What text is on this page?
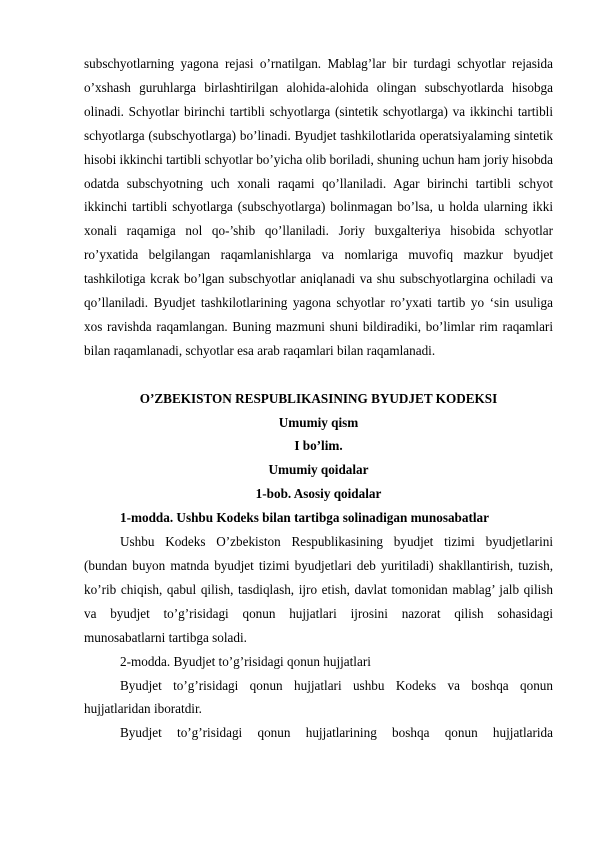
subschyotlarning yagona rejasi o’rnatilgan. Mablag’lar bir turdagi schyotlar rejasida o’xshash guruhlarga birlashtirilgan alohida-alohida olingan subschyotlarda hisobga olinadi. Schyotlar birinchi tartibli schyotlarga (sintetik schyotlarga) va ikkinchi tartibli schyotlarga (subschyotlarga) bo’linadi. Byudjet tashkilotlarida operatsiyalaming sintetik hisobi ikkinchi tartibli schyotlar bo’yicha olib boriladi, shuning uchun ham joriy hisobda odatda subschyotning uch xonali raqami qo’llaniladi. Agar birinchi tartibli schyot ikkinchi tartibli schyotlarga (subschyotlarga) bolinmagan bo’lsa, u holda ularning ikki xonali raqamiga nol qo-’shib qo’llaniladi. Joriy buxgalteriya hisobida schyotlar ro’yxatida belgilangan raqamlanishlarga va nomlariga muvofiq mazkur byudjet tashkilotiga kcrak bo’lgan subschyotlar aniqlanadi va shu subschyotlargina ochiladi va qo’llaniladi. Byudjet tashkilotlarining yagona schyotlar ro’yxati tartib yo ‘sin usuliga xos ravishda raqamlangan. Buning mazmuni shuni bildiradiki, bo’limlar rim raqamlari bilan raqamlanadi, schyotlar esa arab raqamlari bilan raqamlanadi.

O’ZBEKISTON RESPUBLIKASINING BYUDJET KODEKSI

Umumiy qism

I bo’lim.

Umumiy qoidalar

1-bob. Asosiy qoidalar

1-modda. Ushbu Kodeks bilan tartibga solinadigan munosabatlar

Ushbu Kodeks O’zbekiston Respublikasining byudjet tizimi byudjetlarini (bundan buyon matnda byudjet tizimi byudjetlari deb yuritiladi) shakllantirish, tuzish, ko’rib chiqish, qabul qilish, tasdiqlash, ijro etish, davlat tomonidan mablag’ jalb qilish va byudjet to’g’risidagi qonun hujjatlari ijrosini nazorat qilish sohasidagi munosabatlarni tartibga soladi.

2-modda. Byudjet to’g’risidagi qonun hujjatlari

Byudjet to’g’risidagi qonun hujjatlari ushbu Kodeks va boshqa qonun hujjatlaridan iboratdir.

Byudjet to’g’risidagi qonun hujjatlarining boshqa qonun hujjatlarida
